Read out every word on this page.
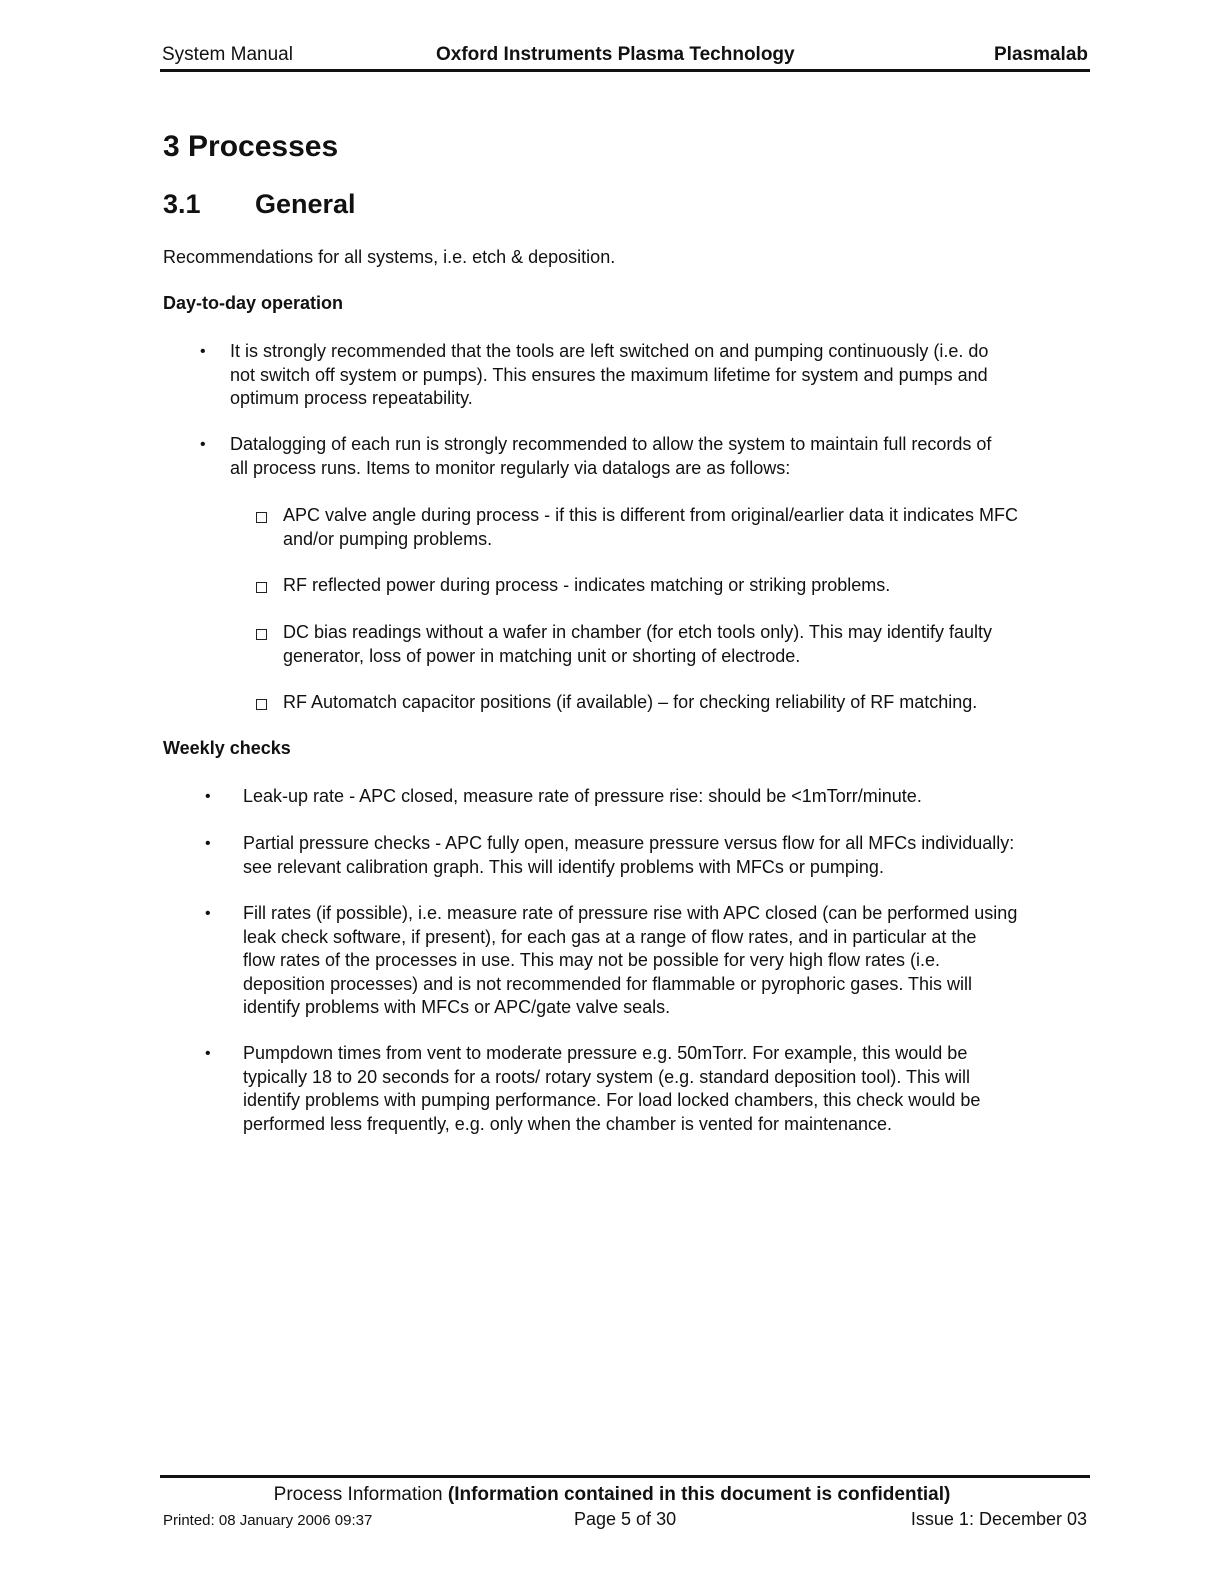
System Manual	Oxford Instruments Plasma Technology	Plasmalab
3 Processes
3.1 General
Recommendations for all systems, i.e. etch & deposition.
Day-to-day operation
• It is strongly recommended that the tools are left switched on and pumping continuously (i.e. do
not switch off system or pumps). This ensures the maximum lifetime for system and pumps and
optimum process repeatability.
• Datalogging of each run is strongly recommended to allow the system to maintain full records of
all process runs. Items to monitor regularly via datalogs are as follows:
APC valve angle during process - if this is different from original/earlier data it indicates MFC
and/or pumping problems.
RF reflected power during process - indicates matching or striking problems.
DC bias readings without a wafer in chamber (for etch tools only). This may identify faulty
generator, loss of power in matching unit or shorting of electrode.
RF Automatch capacitor positions (if available) – for checking reliability of RF matching.
Weekly checks
• Leak-up rate - APC closed, measure rate of pressure rise: should be <1mTorr/minute.
• Partial pressure checks - APC fully open, measure pressure versus flow for all MFCs individually:
see relevant calibration graph. This will identify problems with MFCs or pumping.
• Fill rates (if possible), i.e. measure rate of pressure rise with APC closed (can be performed using
leak check software, if present), for each gas at a range of flow rates, and in particular at the
flow rates of the processes in use. This may not be possible for very high flow rates (i.e.
deposition processes) and is not recommended for flammable or pyrophoric gases. This will
identify problems with MFCs or APC/gate valve seals.
• Pumpdown times from vent to moderate pressure e.g. 50mTorr. For example, this would be
typically 18 to 20 seconds for a roots/ rotary system (e.g. standard deposition tool). This will
identify problems with pumping performance. For load locked chambers, this check would be
performed less frequently, e.g. only when the chamber is vented for maintenance.
Process Information (Information contained in this document is confidential)
Printed: 08 January 2006 09:37	Page 5 of 30	Issue 1: December 03
